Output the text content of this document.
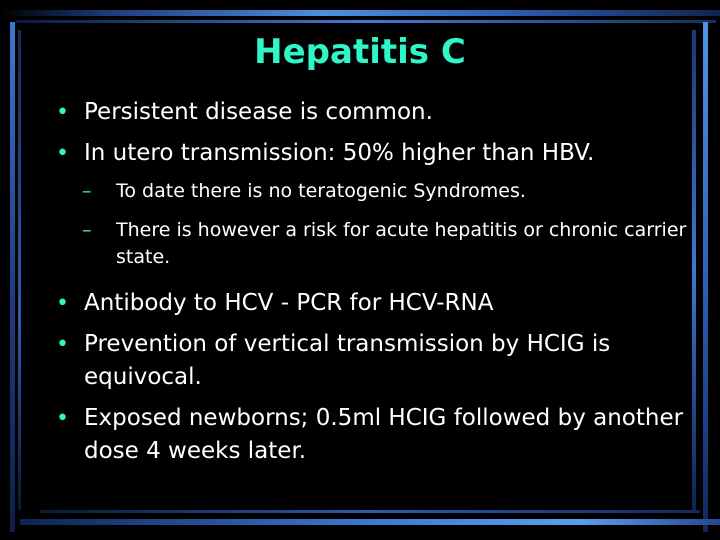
Hepatitis C
• Persistent disease is common.
• In utero transmission: 50% higher than HBV.
– To date there is no teratogenic Syndromes.
– There is however a risk for acute hepatitis or chronic carrier state.
• Antibody to HCV - PCR for HCV-RNA
• Prevention of vertical transmission by HCIG is equivocal.
• Exposed newborns; 0.5ml HCIG followed by another dose 4 weeks later.
